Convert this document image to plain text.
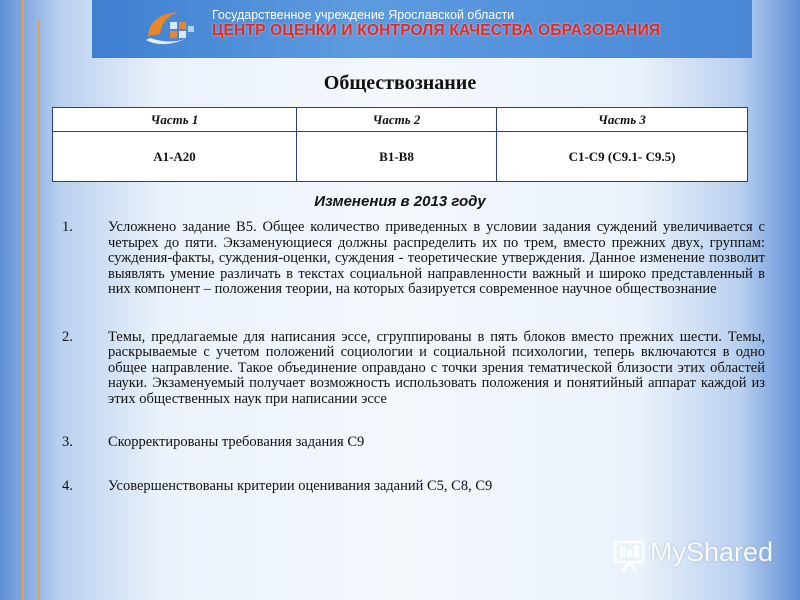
Государственное учреждение Ярославской области
ЦЕНТР ОЦЕНКИ И КОНТРОЛЯ КАЧЕСТВА ОБРАЗОВАНИЯ
Обществознание
Часть 1	Часть 2	Часть 3
А1-А20	В1-В8	С1-С9 (С9.1- С9.5)
Изменения в 2013 году
1.	Усложнено задание В5. Общее количество приведенных в условии задания суждений увеличивается с четырех до пяти. Экзаменующиеся должны распределить их по трем, вместо прежних двух, группам: суждения-факты, суждения-оценки, суждения - теоретические утверждения. Данное изменение позволит выявлять умение различать в текстах социальной направленности важный и широко представленный в них компонент – положения теории, на которых базируется современное научное обществознание
2.	Темы, предлагаемые для написания эссе, сгруппированы в пять блоков вместо прежних шести. Темы, раскрываемые с учетом положений социологии и социальной психологии, теперь включаются в одно общее направление. Такое объединение оправдано с точки зрения тематической близости этих областей науки. Экзаменуемый получает возможность использовать положения и понятийный аппарат каждой из этих общественных наук при написании эссе
3.	Скорректированы требования задания С9
4.	Усовершенствованы критерии оценивания заданий С5, С8, С9
MyShared
